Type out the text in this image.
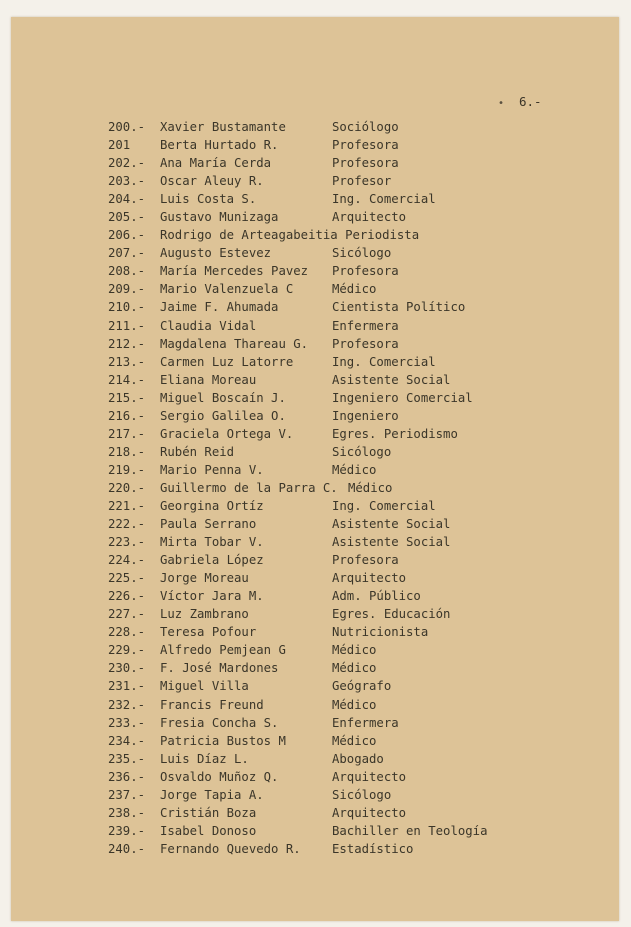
• 6.-
200.- Xavier Bustamante	Sociólogo
201 Berta Hurtado R.	Profesora
202.- Ana María Cerda	Profesora
203.- Oscar Aleuy R.	Profesor
204.- Luis Costa S.	Ing. Comercial
205.- Gustavo Munizaga	Arquitecto
206.- Rodrigo de Arteagabeitia Periodista
207.- Augusto Estevez	Sicólogo
208.- María Mercedes Pavez Profesora
209.- Mario Valenzuela C	Médico
210.- Jaime F. Ahumada	Cientista Político
211.- Claudia Vidal	Enfermera
212.- Magdalena Thareau G. Profesora
213.- Carmen Luz Latorre	Ing. Comercial
214.- Eliana Moreau	Asistente Social
215.- Miguel Boscaín J.	Ingeniero Comercial
216.- Sergio Galilea O.	Ingeniero
217.- Graciela Ortega V.	Egres. Periodismo
218.- Rubén Reid	Sicólogo
219.- Mario Penna V.	Médico
220.- Guillermo de la Parra C. Médico
221.- Georgina Ortíz	Ing. Comercial
222.- Paula Serrano	Asistente Social
223.- Mirta Tobar V.	Asistente Social
224.- Gabriela López	Profesora
225.- Jorge Moreau	Arquitecto
226.- Víctor Jara M.	Adm. Público
227.- Luz Zambrano	Egres. Educación
228.- Teresa Pofour	Nutricionista
229.- Alfredo Pemjean G	Médico
230.- F. José Mardones	Médico
231.- Miguel Villa	Geógrafo
232.- Francis Freund	Médico
233.- Fresia Concha S.	Enfermera
234.- Patricia Bustos M	Médico
235.- Luis Díaz L.	Abogado
236.- Osvaldo Muñoz Q.	Arquitecto
237.- Jorge Tapia A.	Sicólogo
238.- Cristián Boza	Arquitecto
239.- Isabel Donoso	Bachiller en Teología
240.- Fernando Quevedo R.	Estadístico
